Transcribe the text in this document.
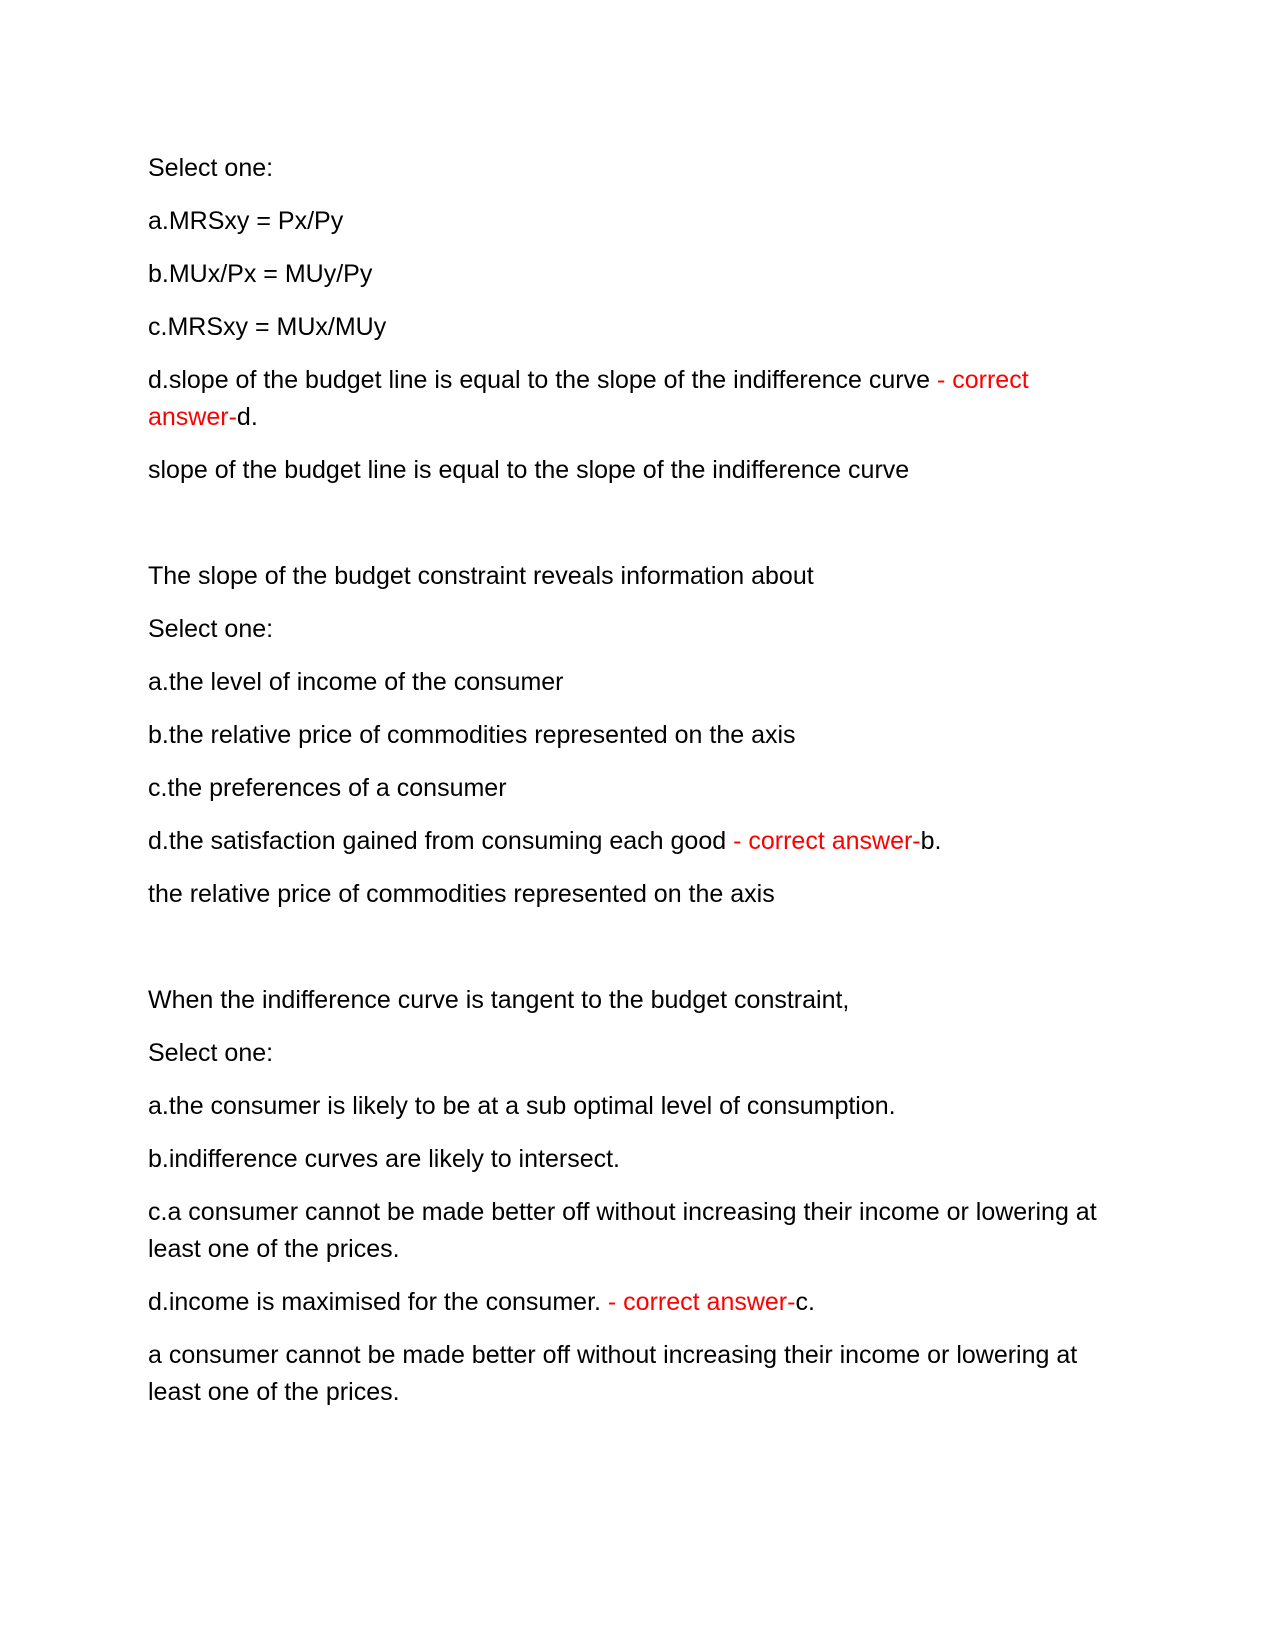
Select one:

a.MRSxy = Px/Py

b.MUx/Px = MUy/Py

c.MRSxy = MUx/MUy

d.slope of the budget line is equal to the slope of the indifference curve - correct answer-d.

slope of the budget line is equal to the slope of the indifference curve

The slope of the budget constraint reveals information about

Select one:

a.the level of income of the consumer

b.the relative price of commodities represented on the axis

c.the preferences of a consumer

d.the satisfaction gained from consuming each good - correct answer-b.

the relative price of commodities represented on the axis

When the indifference curve is tangent to the budget constraint,

Select one:

a.the consumer is likely to be at a sub optimal level of consumption.

b.indifference curves are likely to intersect.

c.a consumer cannot be made better off without increasing their income or lowering at least one of the prices.

d.income is maximised for the consumer. - correct answer-c.

a consumer cannot be made better off without increasing their income or lowering at least one of the prices.
